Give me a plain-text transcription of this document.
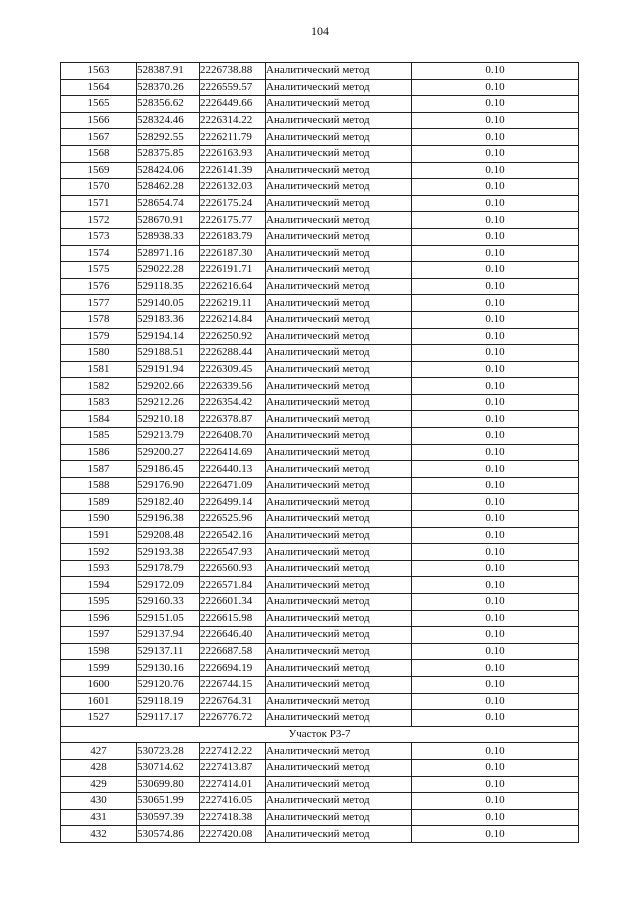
104
1563	528387.91	2226738.88	Аналитический метод	0.10
1564	528370.26	2226559.57	Аналитический метод	0.10
1565	528356.62	2226449.66	Аналитический метод	0.10
1566	528324.46	2226314.22	Аналитический метод	0.10
1567	528292.55	2226211.79	Аналитический метод	0.10
1568	528375.85	2226163.93	Аналитический метод	0.10
1569	528424.06	2226141.39	Аналитический метод	0.10
1570	528462.28	2226132.03	Аналитический метод	0.10
1571	528654.74	2226175.24	Аналитический метод	0.10
1572	528670.91	2226175.77	Аналитический метод	0.10
1573	528938.33	2226183.79	Аналитический метод	0.10
1574	528971.16	2226187.30	Аналитический метод	0.10
1575	529022.28	2226191.71	Аналитический метод	0.10
1576	529118.35	2226216.64	Аналитический метод	0.10
1577	529140.05	2226219.11	Аналитический метод	0.10
1578	529183.36	2226214.84	Аналитический метод	0.10
1579	529194.14	2226250.92	Аналитический метод	0.10
1580	529188.51	2226288.44	Аналитический метод	0.10
1581	529191.94	2226309.45	Аналитический метод	0.10
1582	529202.66	2226339.56	Аналитический метод	0.10
1583	529212.26	2226354.42	Аналитический метод	0.10
1584	529210.18	2226378.87	Аналитический метод	0.10
1585	529213.79	2226408.70	Аналитический метод	0.10
1586	529200.27	2226414.69	Аналитический метод	0.10
1587	529186.45	2226440.13	Аналитический метод	0.10
1588	529176.90	2226471.09	Аналитический метод	0.10
1589	529182.40	2226499.14	Аналитический метод	0.10
1590	529196.38	2226525.96	Аналитический метод	0.10
1591	529208.48	2226542.16	Аналитический метод	0.10
1592	529193.38	2226547.93	Аналитический метод	0.10
1593	529178.79	2226560.93	Аналитический метод	0.10
1594	529172.09	2226571.84	Аналитический метод	0.10
1595	529160.33	2226601.34	Аналитический метод	0.10
1596	529151.05	2226615.98	Аналитический метод	0.10
1597	529137.94	2226646.40	Аналитический метод	0.10
1598	529137.11	2226687.58	Аналитический метод	0.10
1599	529130.16	2226694.19	Аналитический метод	0.10
1600	529120.76	2226744.15	Аналитический метод	0.10
1601	529118.19	2226764.31	Аналитический метод	0.10
1527	529117.17	2226776.72	Аналитический метод	0.10
Участок Р3-7				
427	530723.28	2227412.22	Аналитический метод	0.10
428	530714.62	2227413.87	Аналитический метод	0.10
429	530699.80	2227414.01	Аналитический метод	0.10
430	530651.99	2227416.05	Аналитический метод	0.10
431	530597.39	2227418.38	Аналитический метод	0.10
432	530574.86	2227420.08	Аналитический метод	0.10
